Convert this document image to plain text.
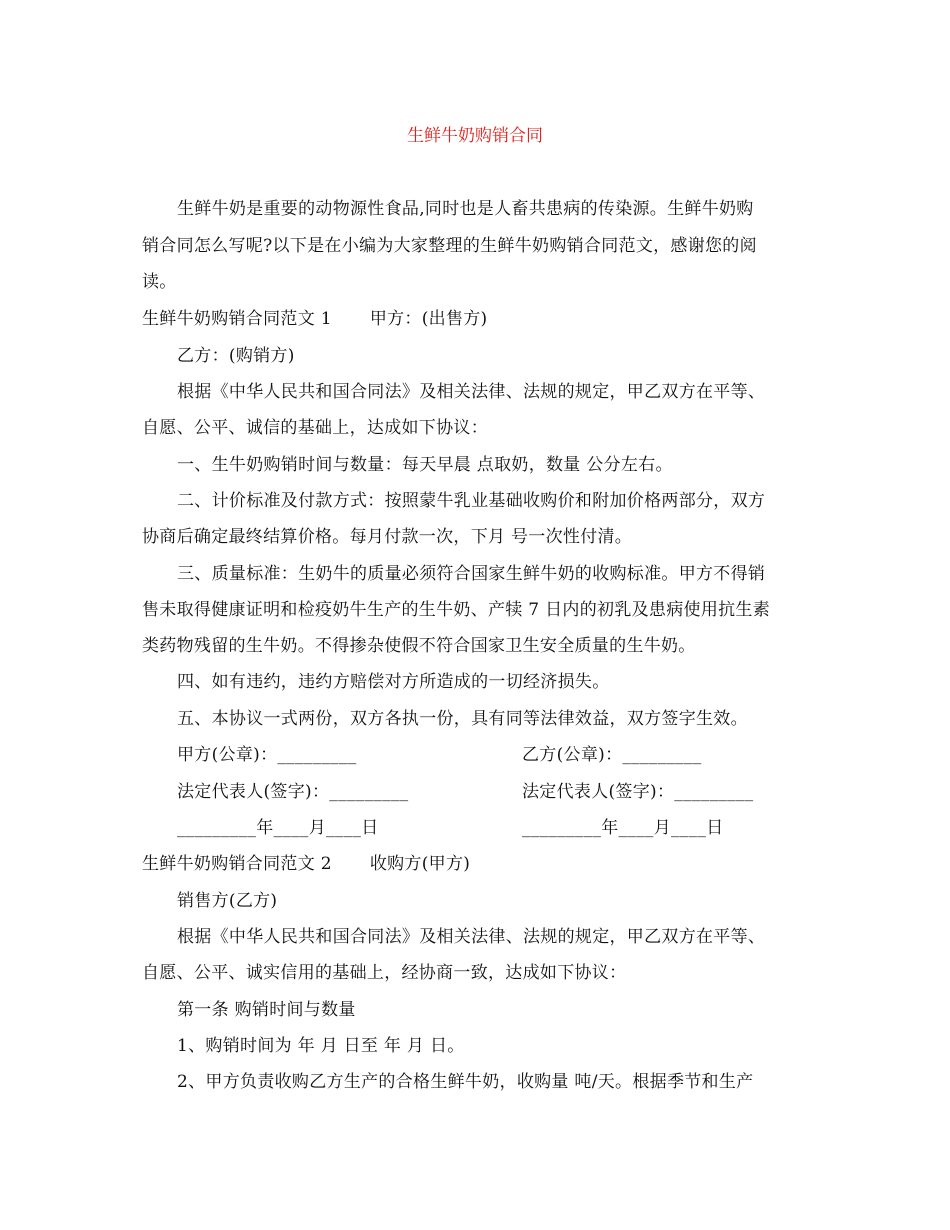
生鲜牛奶购销合同
生鲜牛奶是重要的动物源性食品,同时也是人畜共患病的传染源。生鲜牛奶购
销合同怎么写呢?以下是在小编为大家整理的生鲜牛奶购销合同范文，感谢您的阅
读。
生鲜牛奶购销合同范文 1 甲方：(出售方)
乙方：(购销方)
根据《中华人民共和国合同法》及相关法律、法规的规定，甲乙双方在平等、
自愿、公平、诚信的基础上，达成如下协议：
一、生牛奶购销时间与数量：每天早晨 点取奶，数量 公分左右。
二、计价标准及付款方式：按照蒙牛乳业基础收购价和附加价格两部分，双方
协商后确定最终结算价格。每月付款一次，下月 号一次性付清。
三、质量标准：生奶牛的质量必须符合国家生鲜牛奶的收购标准。甲方不得销
售未取得健康证明和检疫奶牛生产的生牛奶、产犊 7 日内的初乳及患病使用抗生素
类药物残留的生牛奶。不得掺杂使假不符合国家卫生安全质量的生牛奶。
四、如有违约，违约方赔偿对方所造成的一切经济损失。
五、本协议一式两份，双方各执一份，具有同等法律效益，双方签字生效。
甲方(公章)：_________	乙方(公章)：_________
法定代表人(签字)：_________	法定代表人(签字)：_________
_________年____月____日	_________年____月____日
生鲜牛奶购销合同范文 2 收购方(甲方)
销售方(乙方)
根据《中华人民共和国合同法》及相关法律、法规的规定，甲乙双方在平等、
自愿、公平、诚实信用的基础上，经协商一致，达成如下协议：
第一条 购销时间与数量
1、购销时间为 年 月 日至 年 月 日。
2、甲方负责收购乙方生产的合格生鲜牛奶，收购量 吨/天。根据季节和生产
